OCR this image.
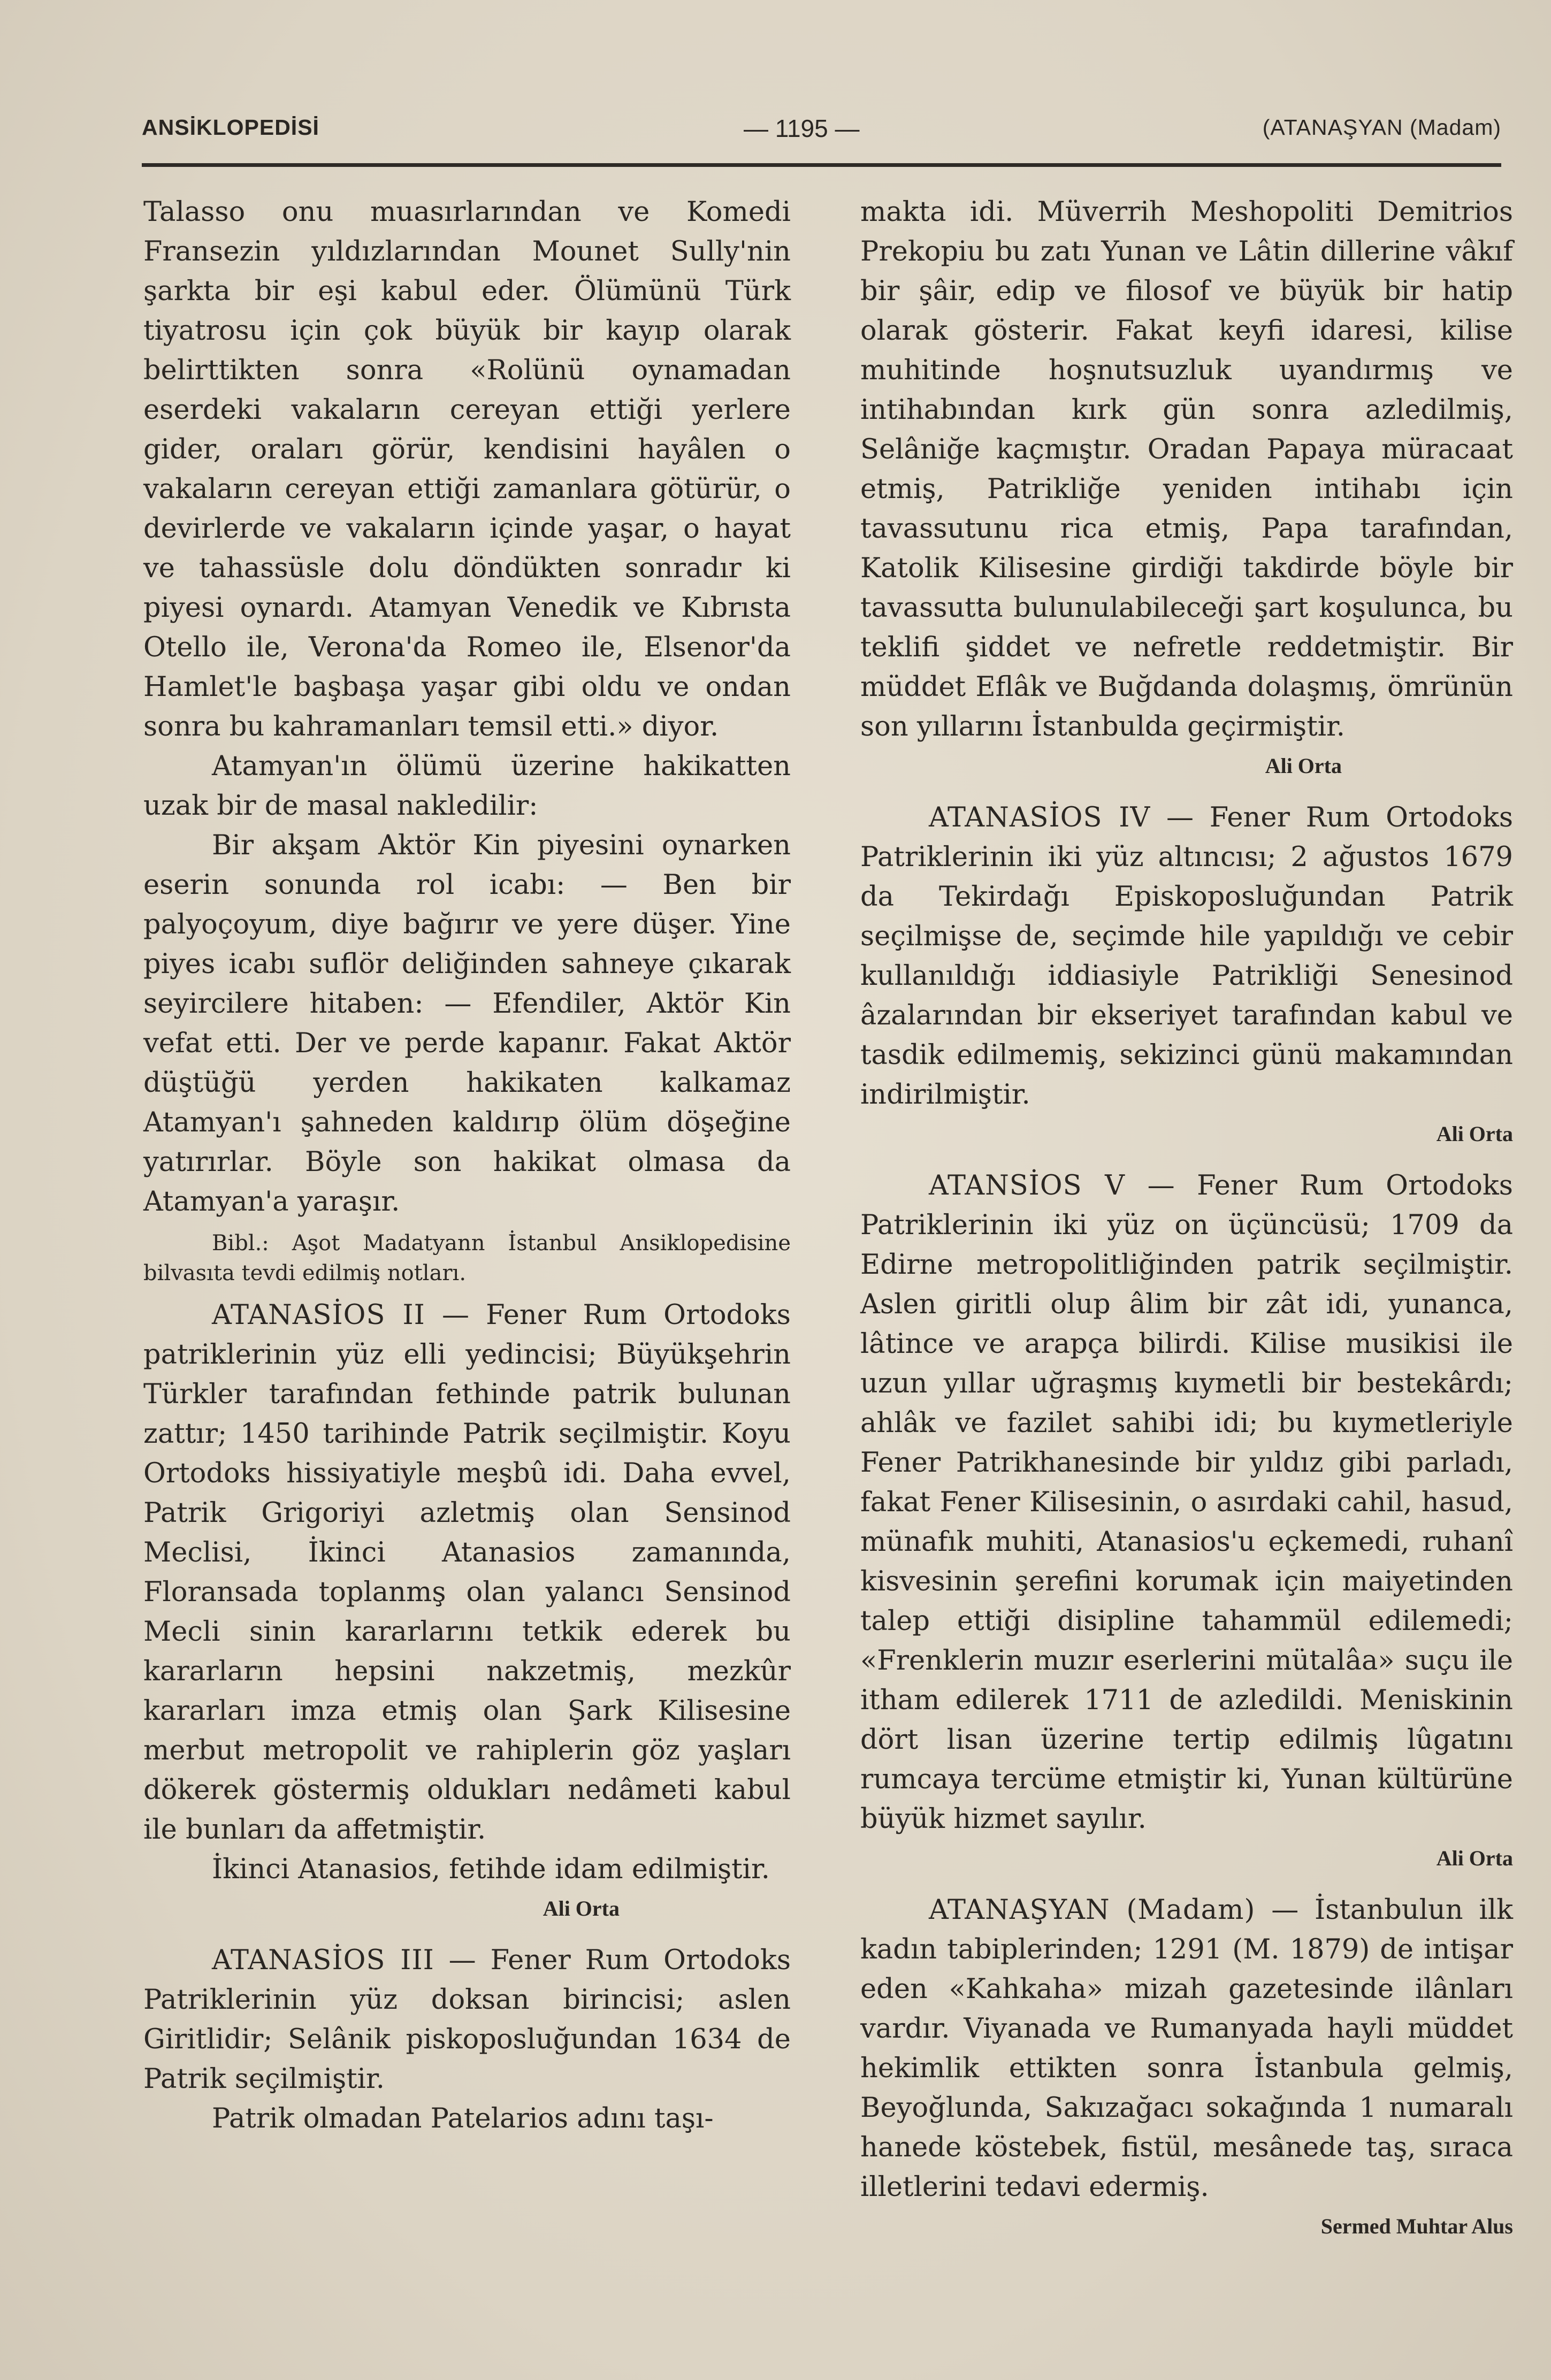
ANSİKLOPEDİSİ	— 1195 —	(ATANAŞYAN (Madam)

Talasso onu muasırlarından ve Komedi Fransezin yıldızlarından Mounet Sully'nin şarkta bir eşi kabul eder. Ölümünü Türk tiyatrosu için çok büyük bir kayıp olarak belirttikten sonra «Rolünü oynamadan eserdeki vakaların cereyan ettiği yerlere gider, oraları görür, kendisini hayâlen o vakaların cereyan ettiği zamanlara götürür, o devirlerde ve vakaların içinde yaşar, o hayat ve tahassüsle dolu döndükten sonradır ki piyesi oynardı. Atamyan Venedik ve Kıbrısta Otello ile, Verona'da Romeo ile, Elsenor'da Hamlet'le başbaşa yaşar gibi oldu ve ondan sonra bu kahramanları temsil etti.» diyor.

Atamyan'ın ölümü üzerine hakikatten uzak bir de masal nakledilir:

Bir akşam Aktör Kin piyesini oynarken eserin sonunda rol icabı: — Ben bir palyoçoyum, diye bağırır ve yere düşer. Yine piyes icabı suflör deliğinden sahneye çıkarak seyircilere hitaben: — Efendiler, Aktör Kin vefat etti. Der ve perde kapanır. Fakat Aktör düştüğü yerden hakikaten kalkamaz Atamyan'ı şahneden kaldırıp ölüm döşeğine yatırırlar. Böyle son hakikat olmasa da Atamyan'a yaraşır.

Bibl.: Aşot Madatyann İstanbul Ansiklopedisine bilvasıta tevdi edilmiş notları.

ATANASİOS II — Fener Rum Ortodoks patriklerinin yüz elli yedincisi; Büyükşehrin Türkler tarafından fethinde patrik bulunan zattır; 1450 tarihinde Patrik seçilmiştir. Koyu Ortodoks hissiyatiyle meşbû idi. Daha evvel, Patrik Grigoriyi azletmiş olan Sensinod Meclisi, İkinci Atanasios zamanında, Floransada toplanmş olan yalancı Sensinod Mecli sinin kararlarını tetkik ederek bu kararların hepsini nakzetmiş, mezkûr kararları imza etmiş olan Şark Kilisesine merbut metropolit ve rahiplerin göz yaşları dökerek göstermiş oldukları nedâmeti kabul ile bunları da affetmiştir.

İkinci Atanasios, fetihde idam edilmiştir.

Ali Orta

ATANASİOS III — Fener Rum Ortodoks Patriklerinin yüz doksan birincisi; aslen Giritlidir; Selânik piskoposluğundan 1634 de Patrik seçilmiştir.

Patrik olmadan Patelarios adını taşı-

makta idi. Müverrih Meshopoliti Demitrios Prekopiu bu zatı Yunan ve Lâtin dillerine vâkıf bir şâir, edip ve filosof ve büyük bir hatip olarak gösterir. Fakat keyfi idaresi, kilise muhitinde hoşnutsuzluk uyandırmış ve intihabından kırk gün sonra azledilmiş, Selâniğe kaçmıştır. Oradan Papaya müracaat etmiş, Patrikliğe yeniden intihabı için tavassutunu rica etmiş, Papa tarafından, Katolik Kilisesine girdiği takdirde böyle bir tavassutta bulunulabileceği şart koşulunca, bu teklifi şiddet ve nefretle reddetmiştir. Bir müddet Eflâk ve Buğdanda dolaşmış, ömrünün son yıllarını İstanbulda geçirmiştir.

Ali Orta

ATANASİOS IV — Fener Rum Ortodoks Patriklerinin iki yüz altıncısı; 2 ağustos 1679 da Tekirdağı Episkoposluğundan Patrik seçilmişse de, seçimde hile yapıldığı ve cebir kullanıldığı iddiasiyle Patrikliği Senesinod âzalarından bir ekseriyet tarafından kabul ve tasdik edilmemiş, sekizinci günü makamından indirilmiştir.

Ali Orta

ATANSİOS V — Fener Rum Ortodoks Patriklerinin iki yüz on üçüncüsü; 1709 da Edirne metropolitliğinden patrik seçilmiştir. Aslen giritli olup âlim bir zât idi, yunanca, lâtince ve arapça bilirdi. Kilise musikisi ile uzun yıllar uğraşmış kıymetli bir bestekârdı; ahlâk ve fazilet sahibi idi; bu kıymetleriyle Fener Patrikhanesinde bir yıldız gibi parladı, fakat Fener Kilisesinin, o asırdaki cahil, hasud, münafık muhiti, Atanasios'u eçkemedi, ruhanî kisvesinin şerefini korumak için maiyetinden talep ettiği disipline tahammül edilemedi; «Frenklerin muzır eserlerini mütalâa» suçu ile itham edilerek 1711 de azledildi. Meniskinin dört lisan üzerine tertip edilmiş lûgatını rumcaya tercüme etmiştir ki, Yunan kültürüne büyük hizmet sayılır.

Ali Orta

ATANAŞYAN (Madam) — İstanbulun ilk kadın tabiplerinden; 1291 (M. 1879) de intişar eden «Kahkaha» mizah gazetesinde ilânları vardır. Viyanada ve Rumanyada hayli müddet hekimlik ettikten sonra İstanbula gelmiş, Beyoğlunda, Sakızağacı sokağında 1 numaralı hanede köstebek, fistül, mesânede taş, sıraca illetlerini tedavi edermiş.

Sermed Muhtar Alus
